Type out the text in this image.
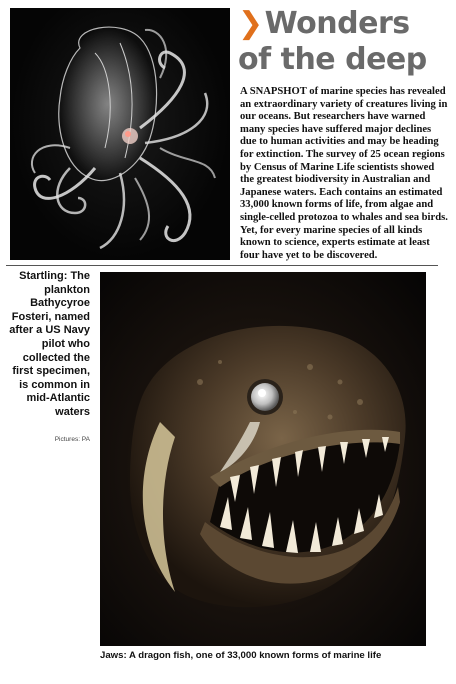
❯Wonders of the deep

A SNAPSHOT of marine species has revealed an extraordinary variety of creatures living in our oceans. But researchers have warned many species have suffered major declines due to human activities and may be heading for extinction. The survey of 25 ocean regions by Census of Marine Life scientists showed the greatest biodiversity in Australian and Japanese waters. Each contains an estimated 33,000 known forms of life, from algae and single-celled protozoa to whales and sea birds. Yet, for every marine species of all kinds known to science, experts estimate at least four have yet to be discovered.

Startling: The plankton Bathycyroe Fosteri, named after a US Navy pilot who collected the first specimen, is common in mid-Atlantic waters

Pictures: PA

Jaws: A dragon fish, one of 33,000 known forms of marine life
